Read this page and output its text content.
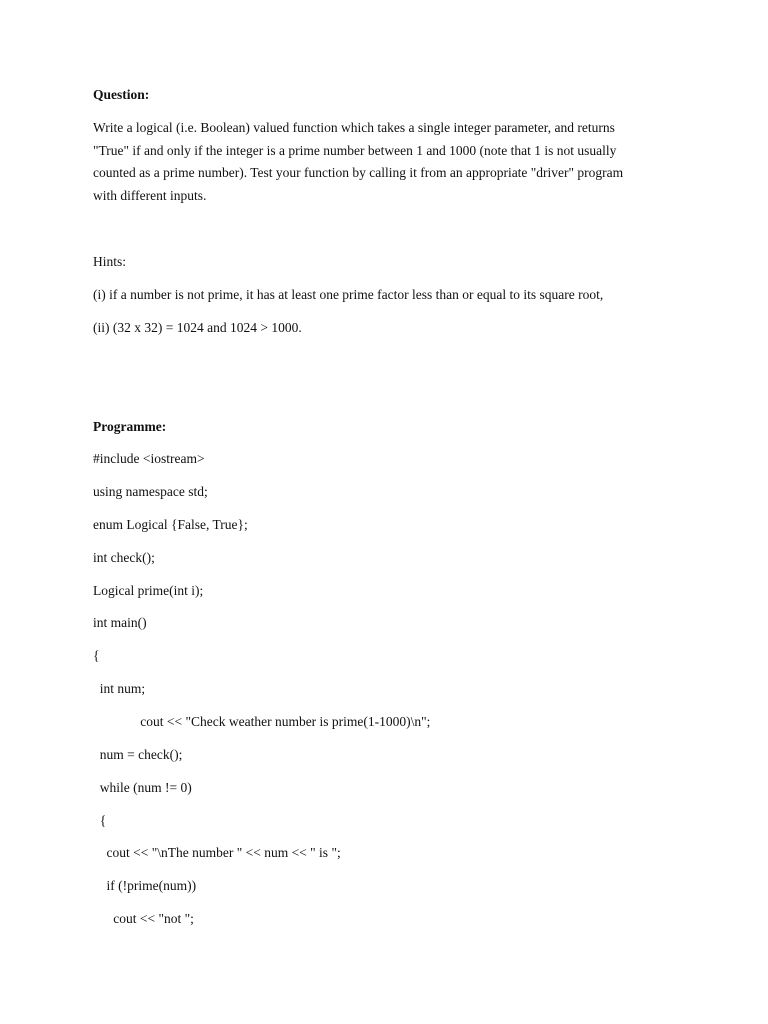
Question:
Write a logical (i.e. Boolean) valued function which takes a single integer parameter, and returns
"True" if and only if the integer is a prime number between 1 and 1000 (note that 1 is not usually
counted as a prime number). Test your function by calling it from an appropriate "driver" program
with different inputs.
Hints:
(i) if a number is not prime, it has at least one prime factor less than or equal to its square root,
(ii) (32 x 32) = 1024 and 1024 > 1000.
Programme:
#include <iostream>
using namespace std;
enum Logical {False, True};
int check();
Logical prime(int i);
int main()
{
int num;
cout << "Check weather number is prime(1-1000)\n";
num = check();
while (num != 0)
{
cout << "\nThe number " << num << " is ";
if (!prime(num))
cout << "not ";
